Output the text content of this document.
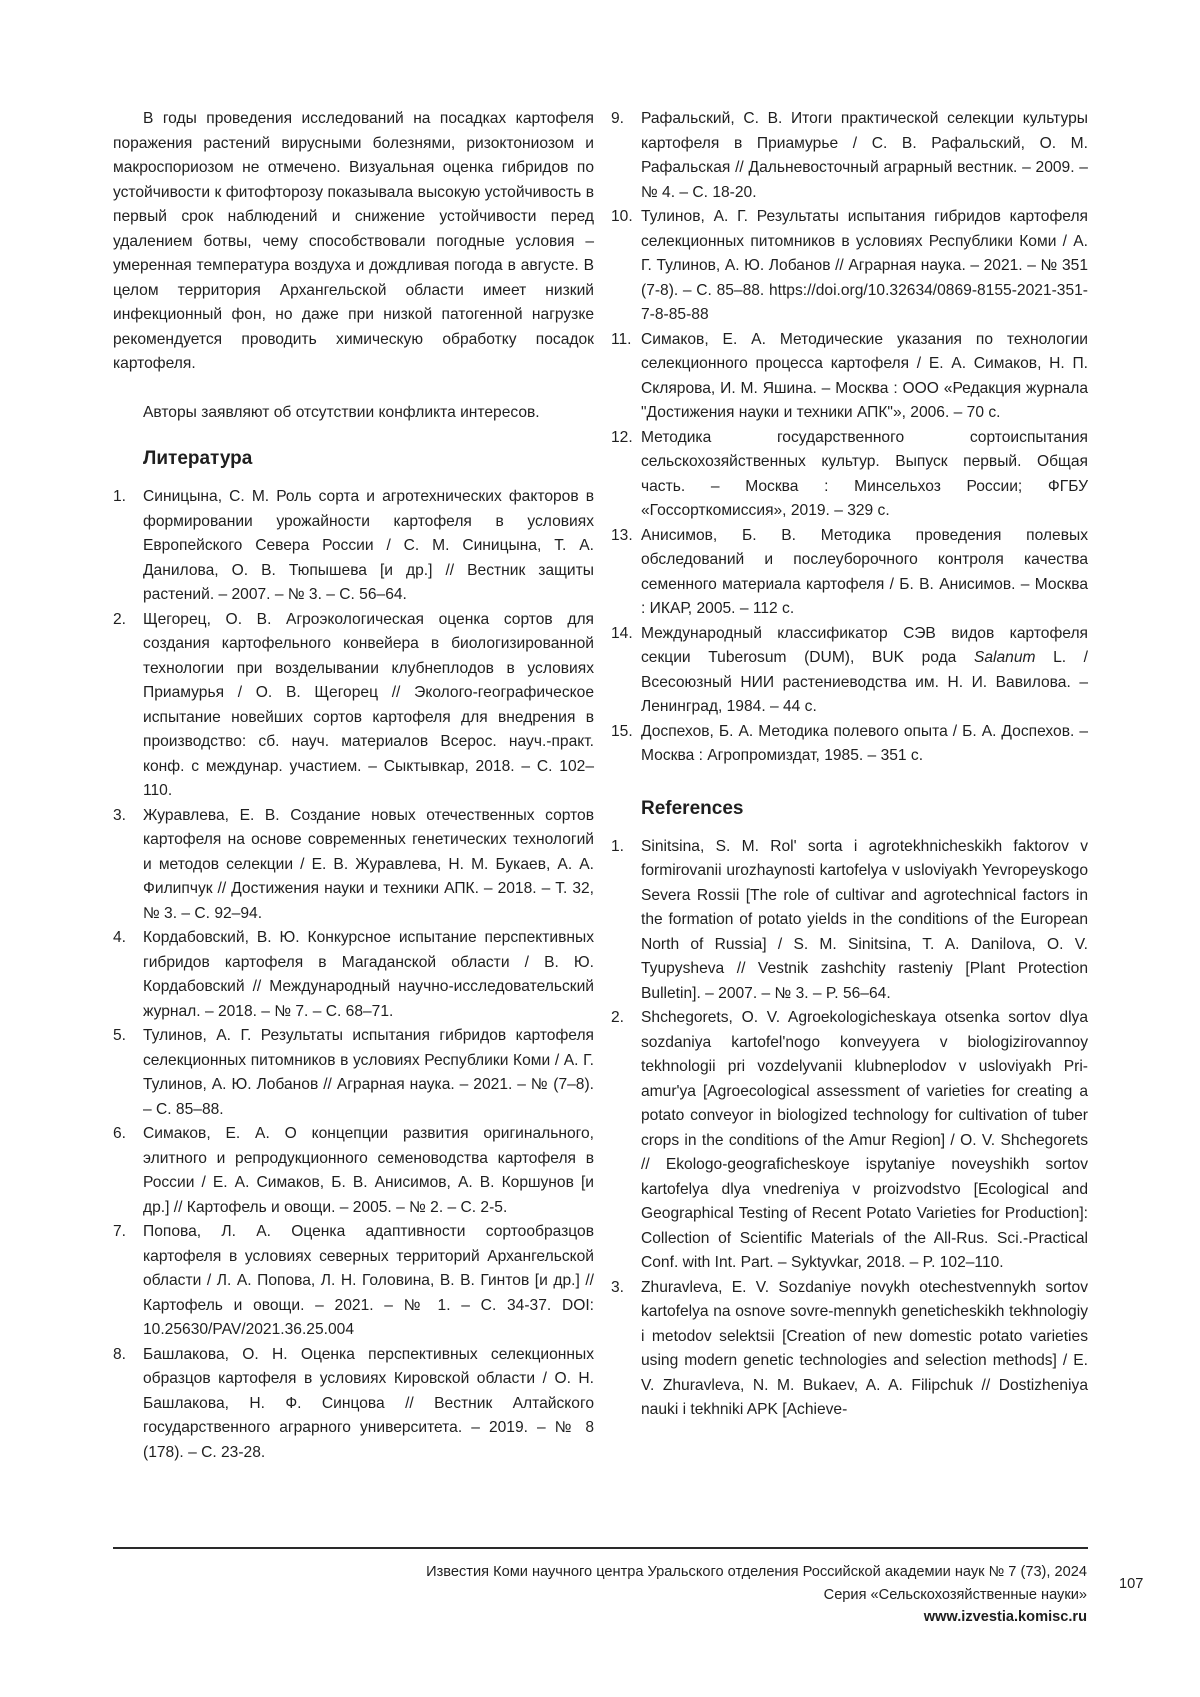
В годы проведения исследований на посадках картофеля поражения растений вирусными болезнями, ризоктониозом и макроспориозом не отмечено. Визуальная оценка гибридов по устойчивости к фитофторозу показывала высокую устойчивость в первый срок наблюдений и снижение устойчивости перед удалением ботвы, чему способствовали погодные условия – умеренная температура воздуха и дождливая погода в августе. В целом территория Архангельской области имеет низкий инфекционный фон, но даже при низкой патогенной нагрузке рекомендуется проводить химическую обработку посадок картофеля.

Авторы заявляют об отсутствии конфликта интересов.

Литература
1. Синицына, С. М. Роль сорта и агротехнических факторов в формировании урожайности картофеля в условиях Европейского Севера России / С. М. Синицына, Т. А. Данилова, О. В. Тюпышева [и др.] // Вестник защиты растений. – 2007. – № 3. – С. 56–64.
2. Щегорец, О. В. Агроэкологическая оценка сортов для создания картофельного конвейера в биологизированной технологии при возделывании клубнеплодов в условиях Приамурья / О. В. Щегорец // Эколого-географическое испытание новейших сортов картофеля для внедрения в производство: сб. науч. материалов Всерос. науч.-практ. конф. с междунар. участием. – Сыктывкар, 2018. – С. 102–110.
3. Журавлева, Е. В. Создание новых отечественных сортов картофеля на основе современных генетических технологий и методов селекции / Е. В. Журавлева, Н. М. Букаев, А. А. Филипчук // Достижения науки и техники АПК. – 2018. – Т. 32, № 3. – С. 92–94.
4. Кордабовский, В. Ю. Конкурсное испытание перспективных гибридов картофеля в Магаданской области / В. Ю. Кордабовский // Международный научно-исследовательский журнал. – 2018. – № 7. – С. 68–71.
5. Тулинов, А. Г. Результаты испытания гибридов картофеля селекционных питомников в условиях Республики Коми / А. Г. Тулинов, А. Ю. Лобанов // Аграрная наука. – 2021. – № (7–8). – С. 85–88.
6. Симаков, Е. А. О концепции развития оригинального, элитного и репродукционного семеноводства картофеля в России / Е. А. Симаков, Б. В. Анисимов, А. В. Коршунов [и др.] // Картофель и овощи. – 2005. – № 2. – С. 2-5.
7. Попова, Л. А. Оценка адаптивности сортообразцов картофеля в условиях северных территорий Архангельской области / Л. А. Попова, Л. Н. Головина, В. В. Гинтов [и др.] // Картофель и овощи. – 2021. – № 1. – С. 34-37. DOI: 10.25630/PAV/2021.36.25.004
8. Башлакова, О. Н. Оценка перспективных селекционных образцов картофеля в условиях Кировской области / О. Н. Башлакова, Н. Ф. Синцова // Вестник Алтайского государственного аграрного университета. – 2019. – № 8 (178). – С. 23-28.
9. Рафальский, С. В. Итоги практической селекции культуры картофеля в Приамурье / С. В. Рафальский, О. М. Рафальская // Дальневосточный аграрный вестник. – 2009. – № 4. – С. 18-20.
10. Тулинов, А. Г. Результаты испытания гибридов картофеля селекционных питомников в условиях Республики Коми / А. Г. Тулинов, А. Ю. Лобанов // Аграрная наука. – 2021. – № 351 (7-8). – С. 85–88. https://doi.org/10.32634/0869-8155-2021-351-7-8-85-88
11. Симаков, Е. А. Методические указания по технологии селекционного процесса картофеля / Е. А. Симаков, Н. П. Склярова, И. М. Яшина. – Москва : ООО «Редакция журнала "Достижения науки и техники АПК"», 2006. – 70 с.
12. Методика государственного сортоиспытания сельскохозяйственных культур. Выпуск первый. Общая часть. – Москва : Минсельхоз России; ФГБУ «Госсорткомиссия», 2019. – 329 с.
13. Анисимов, Б. В. Методика проведения полевых обследований и послеуборочного контроля качества семенного материала картофеля / Б. В. Анисимов. – Москва : ИКАР, 2005. – 112 с.
14. Международный классификатор СЭВ видов картофеля секции Tuberosum (DUM), BUK рода Salanum L. / Всесоюзный НИИ растениеводства им. Н. И. Вавилова. – Ленинград, 1984. – 44 с.
15. Доспехов, Б. А. Методика полевого опыта / Б. А. Доспехов. – Москва : Агропромиздат, 1985. – 351 с.
References
1. Sinitsina, S. M. Rol' sorta i agrotekhnicheskikh faktorov v formirovanii urozhaynosti kartofelya v usloviyakh Yevropeyskogo Severa Rossii [The role of cultivar and agrotechnical factors in the formation of potato yields in the conditions of the European North of Russia] / S. M. Sinitsina, T. A. Danilova, O. V. Tyupysheva // Vestnik zashchity rasteniy [Plant Protection Bulletin]. – 2007. – № 3. – P. 56–64.
2. Shchegorets, O. V. Agroekologicheskaya otsenka sortov dlya sozdaniya kartofel'nogo konveyyera v biologizirovannoy tekhnologii pri vozdelyvanii klubneplodov v usloviyakh Pri-amur'ya [Agroecological assessment of varieties for creating a potato conveyor in biologized technology for cultivation of tuber crops in the conditions of the Amur Region] / O. V. Shchegorets // Ekologo-geograficheskoye ispytaniye noveyshikh sortov kartofelya dlya vnedreniya v proizvodstvo [Ecological and Geographical Testing of Recent Potato Varieties for Production]: Collection of Scientific Materials of the All-Rus. Sci.-Practical Conf. with Int. Part. – Syktyvkar, 2018. – P. 102–110.
3. Zhuravleva, E. V. Sozdaniye novykh otechestvennykh sortov kartofelya na osnove sovre-mennykh geneticheskikh tekhnologiy i metodov selektsii [Creation of new domestic potato varieties using modern genetic technologies and selection methods] / E. V. Zhuravleva, N. M. Bukaev, A. A. Filipchuk // Dostizheniya nauki i tekhniki APK [Achieve-
Известия Коми научного центра Уральского отделения Российской академии наук № 7 (73), 2024
Серия «Сельскохозяйственные науки»
www.izvestia.komisc.ru
107
